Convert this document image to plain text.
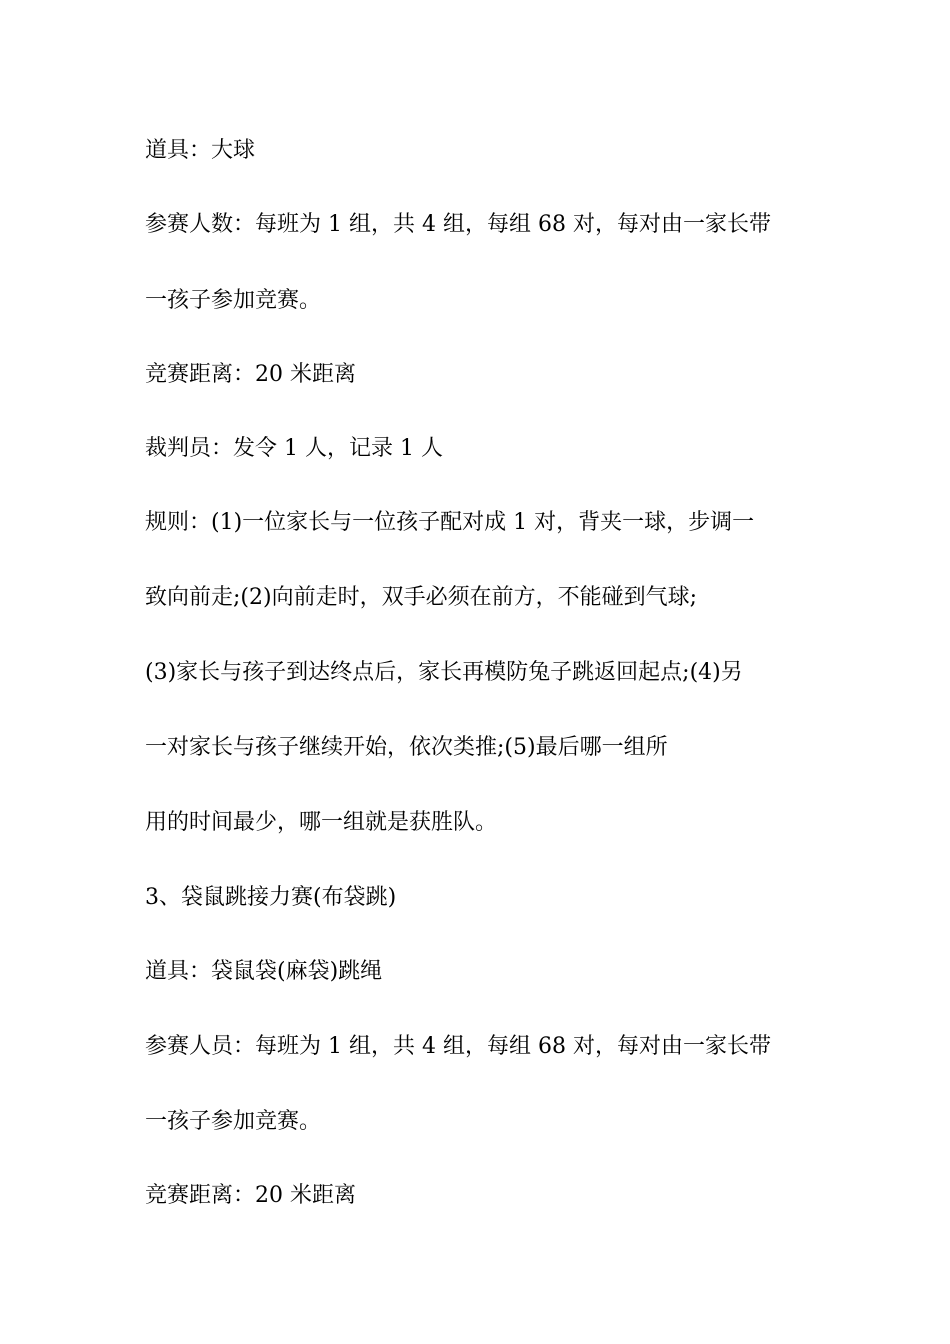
道具：大球

参赛人数：每班为 1 组，共 4 组，每组 68 对，每对由一家长带

一孩子参加竞赛。

竞赛距离：20 米距离

裁判员：发令 1 人，记录 1 人

规则：(1)一位家长与一位孩子配对成 1 对，背夹一球，步调一

致向前走;(2)向前走时，双手必须在前方，不能碰到气球;

(3)家长与孩子到达终点后，家长再模防兔子跳返回起点;(4)另

一对家长与孩子继续开始，依次类推;(5)最后哪一组所

用的时间最少，哪一组就是获胜队。

3、袋鼠跳接力赛(布袋跳)

道具：袋鼠袋(麻袋)跳绳

参赛人员：每班为 1 组，共 4 组，每组 68 对，每对由一家长带

一孩子参加竞赛。

竞赛距离：20 米距离
